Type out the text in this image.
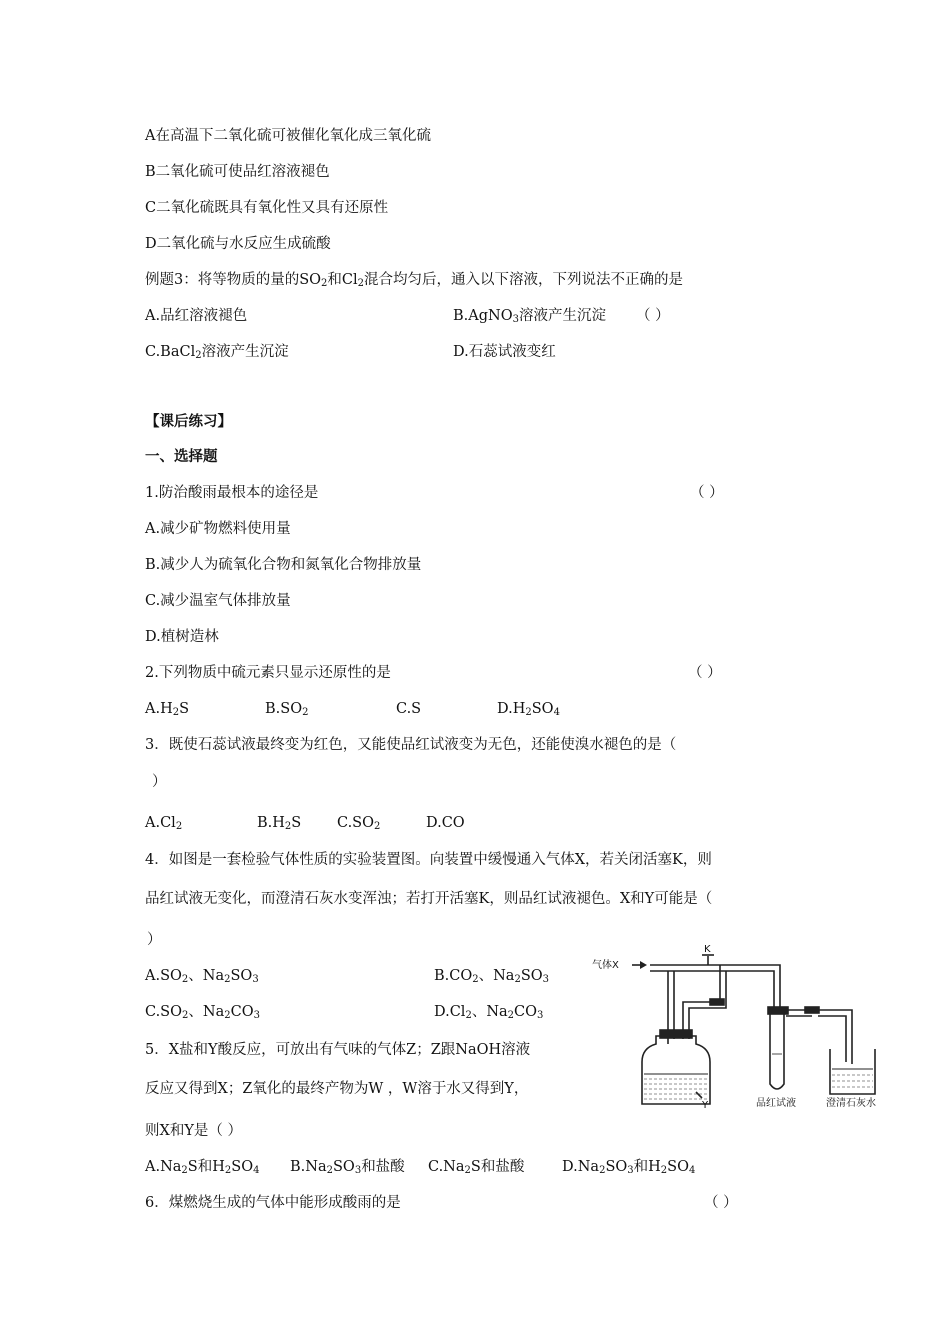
A在高温下二氧化硫可被催化氧化成三氧化硫
B二氧化硫可使品红溶液褪色
C二氧化硫既具有氧化性又具有还原性
D二氧化硫与水反应生成硫酸
例题3：将等物质的量的$SO_2$和$Cl_2$混合均匀后，通入以下溶液，下列说法不正确的是
A.品红溶液褪色	B.AgNO$_3$溶液产生沉淀 （ ）
C.BaCl$_2$溶液产生沉淀	D.石蕊试液变红
【课后练习】
一、选择题
1.防治酸雨最根本的途径是	（ ）
A.减少矿物燃料使用量
B.减少人为硫氧化合物和氮氧化合物排放量
C.减少温室气体排放量
D.植树造林
2.下列物质中硫元素只显示还原性的是	（ ）
$A.H_2S$	$B.SO_2$	C.S	$D.H_2SO_4$
3．既使石蕊试液最终变为红色，又能使品红试液变为无色，还能使溴水褪色的是（
）
$A.Cl_2$	$B.H_2S$ $C.SO_2$	D.CO
4．如图是一套检验气体性质的实验装置图。向装置中缓慢通入气体X，若关闭活塞K，则
品红试液无变化，而澄清石灰水变浑浊；若打开活塞K，则品红试液褪色。X和Y可能是（
）
$A.SO_2$、$Na_2SO_3$	$B.CO_2$、$Na_2SO_3$
$C.SO_2$、$Na_2CO_3$	$D.Cl_2$、$Na_2CO_3$
5．X盐和Y酸反应，可放出有气味的气体Z；Z跟NaOH溶液
反应又得到X；Z氧化的最终产物为W ，W溶于水又得到Y，
则X和Y是（ ）
$A.Na_2S$和$H_2SO_4$ $B.Na_2SO_3$和盐酸 $C.Na_2S$和盐酸	$D.Na_2SO_3$和$H_2SO_4$
6．煤燃烧生成的气体中能形成酸雨的是	（ ）
气体X
K
Y	品红试液	澄清石灰水
